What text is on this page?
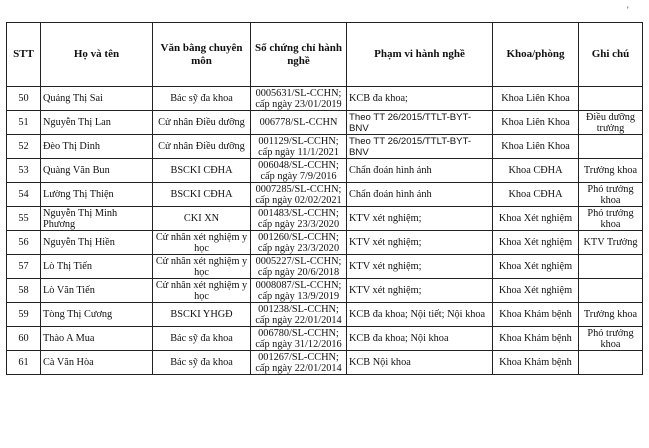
'
STT	Họ và tên	Văn bằng chuyên môn	Số chứng chỉ hành nghề	Phạm vi hành nghề	Khoa/phòng	Ghi chú
50	Quảng Thị Sai	Bác sỹ đa khoa	0005631/SL-CCHN; cấp ngày 23/01/2019	KCB đa khoa;	Khoa Liên Khoa	
51	Nguyễn Thị Lan	Cử nhân Điều dưỡng	006778/SL-CCHN	Theo TT 26/2015/TTLT-BYT-BNV	Khoa Liên Khoa	Điều dưỡng trưởng
52	Đèo Thị Dinh	Cử nhân Điều dưỡng	001129/SL-CCHN; cấp ngày 11/1/2021	Theo TT 26/2015/TTLT-BYT-BNV	Khoa Liên Khoa	
53	Quàng Văn Bun	BSCKI CĐHA	006048/SL-CCHN; cấp ngày 7/9/2016	Chẩn đoán hình ảnh	Khoa CĐHA	Trưởng khoa
54	Lường Thị Thiện	BSCKI CĐHA	0007285/SL-CCHN; cấp ngày 02/02/2021	Chẩn đoán hình ảnh	Khoa CĐHA	Phó trưởng khoa
55	Nguyễn Thị Minh Phương	CKI XN	001483/SL-CCHN; cấp ngày 23/3/2020	KTV xét nghiệm;	Khoa Xét nghiệm	Phó trưởng khoa
56	Nguyễn Thị Hiền	Cử nhân xét nghiệm y học	001260/SL-CCHN; cấp ngày 23/3/2020	KTV xét nghiệm;	Khoa Xét nghiệm	KTV Trưởng
57	Lò Thị Tiến	Cử nhân xét nghiệm y học	0005227/SL-CCHN; cấp ngày 20/6/2018	KTV xét nghiệm;	Khoa Xét nghiệm	
58	Lò Văn Tiến	Cử nhân xét nghiệm y học	0008087/SL-CCHN; cấp ngày 13/9/2019	KTV xét nghiệm;	Khoa Xét nghiệm	
59	Tòng Thị Cương	BSCKI YHGĐ	001238/SL-CCHN; cấp ngày 22/01/2014	KCB đa khoa; Nội tiết; Nội khoa	Khoa Khám bệnh	Trưởng khoa
60	Thào A Mua	Bác sỹ đa khoa	006780/SL-CCHN; cấp ngày 31/12/2016	KCB đa khoa; Nội khoa	Khoa Khám bệnh	Phó trưởng khoa
61	Cà Văn Hòa	Bác sỹ đa khoa	001267/SL-CCHN; cấp ngày 22/01/2014	KCB Nội khoa	Khoa Khám bệnh	
